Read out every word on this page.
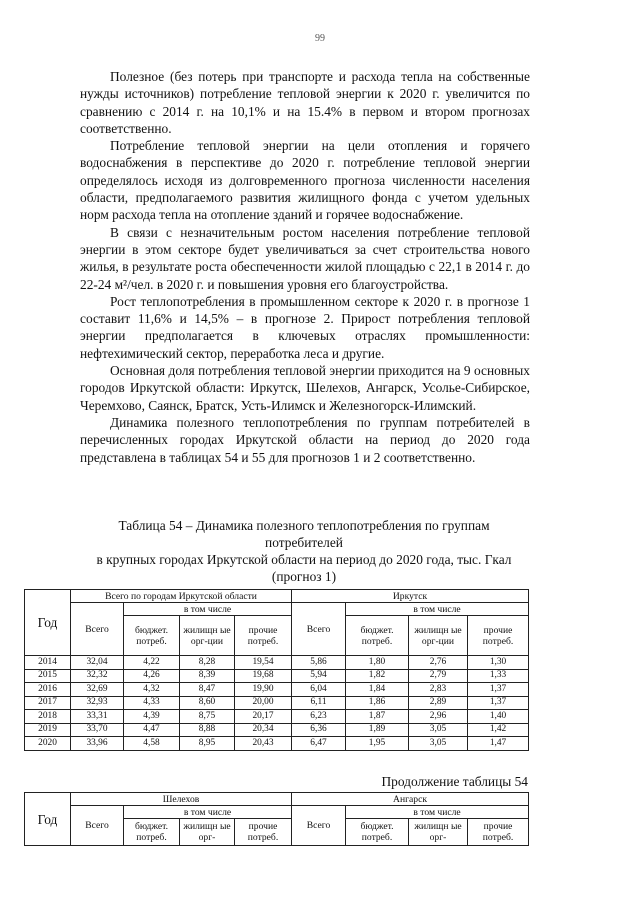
99

Полезное (без потерь при транспорте и расхода тепла на собственные нужды источников) потребление тепловой энергии к 2020 г. увеличится по сравнению с 2014 г. на 10,1% и на 15.4% в первом и втором прогнозах соответственно.

Потребление тепловой энергии на цели отопления и горячего водоснабжения в перспективе до 2020 г. потребление тепловой энергии определялось исходя из долговременного прогноза численности населения области, предполагаемого развития жилищного фонда с учетом удельных норм расхода тепла на отопление зданий и горячее водоснабжение.

В связи с незначительным ростом населения потребление тепловой энергии в этом секторе будет увеличиваться за счет строительства нового жилья, в результате роста обеспеченности жилой площадью с 22,1 в 2014 г. до 22-24 м²/чел. в 2020 г. и повышения уровня его благоустройства.

Рост теплопотребления в промышленном секторе к 2020 г. в прогнозе 1 составит 11,6% и 14,5% – в прогнозе 2. Прирост потребления тепловой энергии предполагается в ключевых отраслях промышленности: нефтехимический сектор, переработка леса и другие.

Основная доля потребления тепловой энергии приходится на 9 основных городов Иркутской области: Иркутск, Шелехов, Ангарск, Усолье-Сибирское, Черемхово, Саянск, Братск, Усть-Илимск и Железногорск-Илимский.

Динамика полезного теплопотребления по группам потребителей в перечисленных городах Иркутской области на период до 2020 года представлена в таблицах 54 и 55 для прогнозов 1 и 2 соответственно.

Таблица 54 – Динамика полезного теплопотребления по группам потребителей
в крупных городах Иркутской области на период до 2020 года, тыс. Гкал
(прогноз 1)
Год	Всего по городам Иркутской области				Иркутск			
	Всего	в том числе			Всего	в том числе		
		бюджет. потреб.	жилищн ые орг-ции	прочие потреб.		бюджет. потреб.	жилищн ые орг-ции	прочие потреб.
2014	32,04	4,22	8,28	19,54	5,86	1,80	2,76	1,30
2015	32,32	4,26	8,39	19,68	5,94	1,82	2,79	1,33
2016	32,69	4,32	8,47	19,90	6,04	1,84	2,83	1,37
2017	32,93	4,33	8,60	20,00	6,11	1,86	2,89	1,37
2018	33,31	4,39	8,75	20,17	6,23	1,87	2,96	1,40
2019	33,70	4,47	8,88	20,34	6,36	1,89	3,05	1,42
2020	33,96	4,58	8,95	20,43	6,47	1,95	3,05	1,47
Продолжение таблицы 54
Год	Шелехов				Ангарск			
	Всего	в том числе			Всего	в том числе		
		бюджет. потреб.	жилищн ые орг-	прочие потреб.		бюджет. потреб.	жилищн ые орг-	прочие потреб.
